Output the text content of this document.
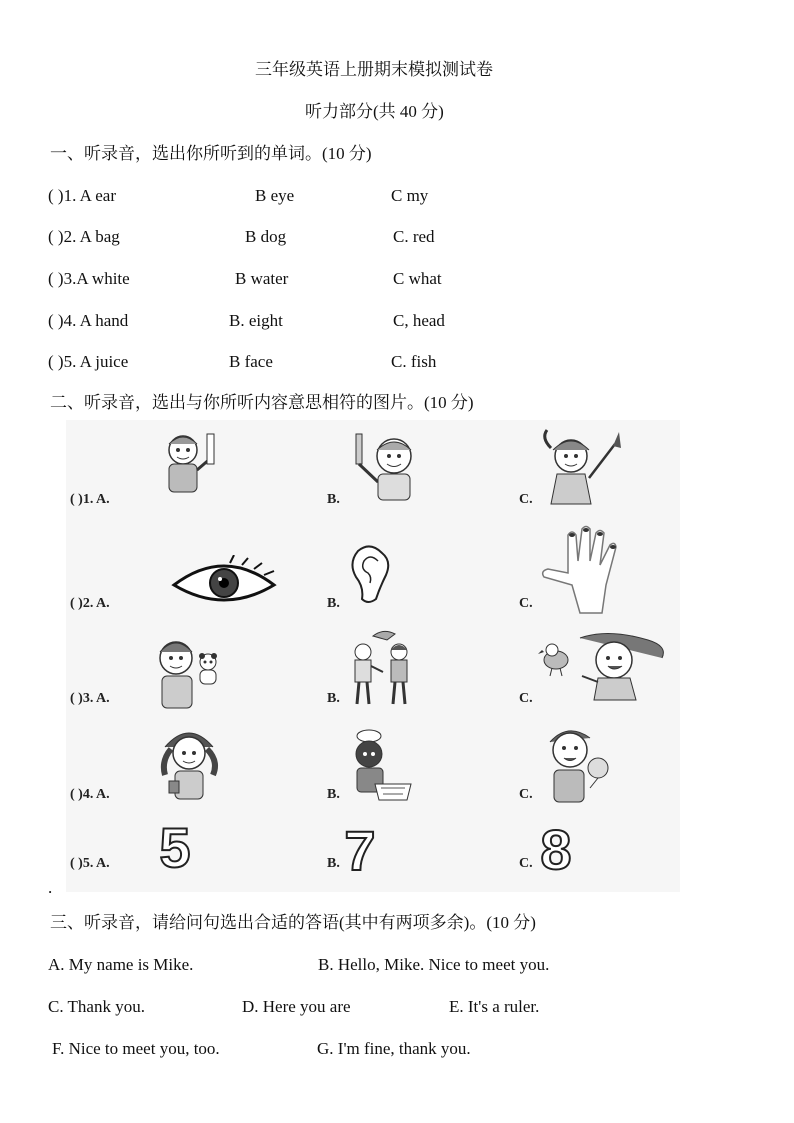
三年级英语上册期末模拟测试卷
听力部分(共 40 分)
一、听录音，选出你所听到的单词。(10 分)
( )1. A ear	B eye	C my
( )2. A bag	B dog	C. red
( )3.A white	B water	C what
( )4. A hand	B. eight	C, head
( )5. A juice	B face	C. fish
二、听录音，选出与你所听内容意思相符的图片。(10 分)
( )1. A.	B.	C.
( )2. A.	B.	C.
( )3. A.	B.	C.
( )4. A.	B.	C.
( )5. A. 5	B. 7	C. 8
.
三、听录音，请给问句选出合适的答语(其中有两项多余)。(10 分)
A. My name is Mike.	B. Hello, Mike. Nice to meet you.
C. Thank you.	D. Here you are	E. It's a ruler.
F. Nice to meet you, too.	G. I'm fine, thank you.
